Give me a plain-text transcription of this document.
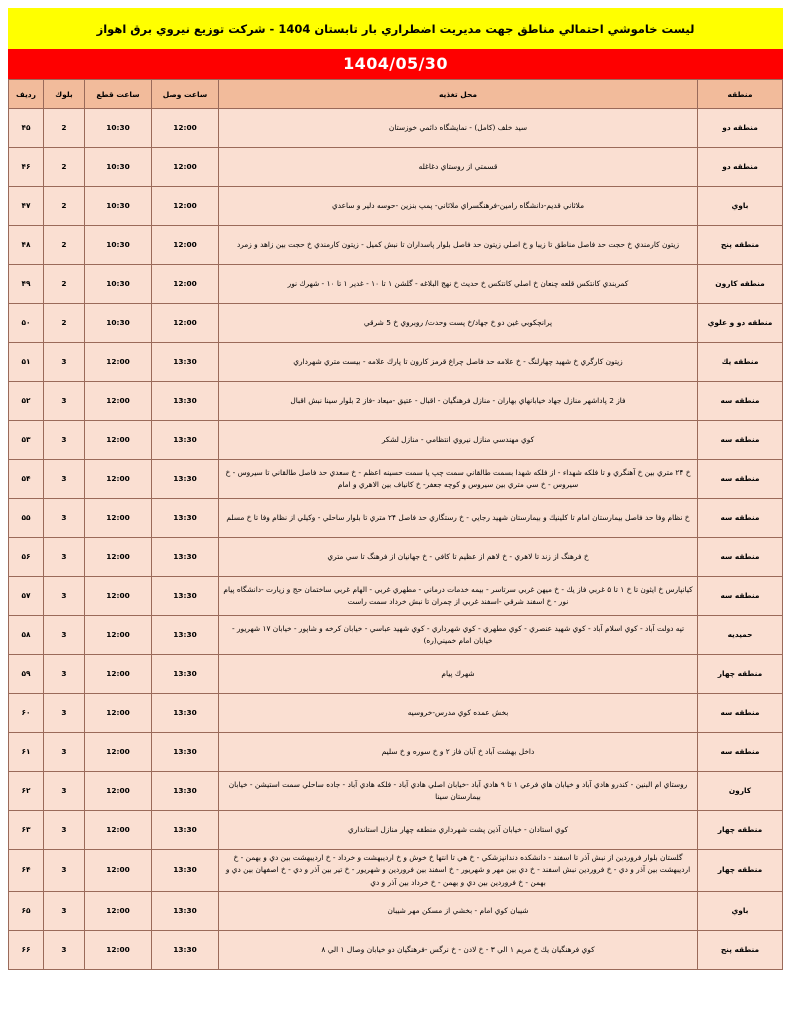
ليست خاموشي احتمالي مناطق جهت مديريت اضطراري بار تابستان 1404 - شركت توزيع نيروي برق اهواز
1404/05/30
منطقه	محل تغذيه	ساعت وصل	ساعت قطع	بلوك	رديف
منطقه دو	سيد خلف (كامل) - نمايشگاه دائمي خوزستان	12:00	10:30	2	۴۵
منطقه دو	قسمتي از روستاي دغاغله	12:00	10:30	2	۴۶
باوي	ملاثاني قديم-دانشگاه رامين-فرهنگسراي ملاثاني- پمپ بنزين -حوسه دلير و ساعدي	12:00	10:30	2	۴۷
منطقه پنج	زيتون كارمندي خ حجت حد فاصل مناطق تا زيبا و خ اصلي زيتون حد فاصل بلوار پاسداران تا نبش كميل - زيتون كارمندي خ حجت بين زاهد و زمرد	12:00	10:30	2	۴۸
منطقه كارون	كمربندي كانتكس قلعه چنعان خ اصلي كانتكس خ حديث خ نهج البلاغه - گلشن ۱ تا ۱۰ - غدير ۱ تا ۱۰ - شهرك نور	12:00	10:30	2	۴۹
منطقه دو و علوي	پرانچكوبي غين دو خ جهاد/خ پست وحدت/ روبروي خ 5 شرقي	12:00	10:30	2	۵۰
منطقه يك	زيتون كارگري خ شهيد چهارلنگ - خ علامه حد فاصل چراغ قرمز كارون تا پارك علامه - بيست متري شهرداري	13:30	12:00	3	۵۱
منطقه سه	فاز 2 پاداشهر منازل جهاد خيابانهاي بهاران - منازل فرهنگيان - اقبال - عتيق -ميعاد -فاز 2 بلوار سينا نبش اقبال	13:30	12:00	3	۵۲
منطقه سه	كوي مهندسي منازل نيروي انتظامي - منازل لشكر	13:30	12:00	3	۵۳
منطقه سه	خ ۲۴ متري بين خ آهنگري و تا فلكه شهداء - از فلكه شهدا بسمت طالقاني سمت چپ يا سمت حسينه اعظم - خ سعدي حد فاصل طالقاني تا سيروس - خ سيروس - خ سي متري بين سيروس و كوچه جعفر- خ كانياف بين الاهري و امام	13:30	12:00	3	۵۴
منطقه سه	خ نظام وفا حد فاصل بيمارستان امام تا كلينيك و بيمارستان شهيد رجايي - خ رستگاري حد فاصل ۲۴ متري تا بلوار ساحلي - وكيلي از نظام وفا تا خ مسلم	13:30	12:00	3	۵۵
منطقه سه	خ فرهنگ از زند تا لاهري - خ لاهم از عظيم تا كافي - خ جهانيان از فرهنگ تا سي متري	13:30	12:00	3	۵۶
منطقه سه	كيانپارس خ ايثون تا خ ۱ تا ۵ غربي فاز يك - خ ميهن غربي سرتاسر - بيمه خدمات درماني - مطهري غربي - الهام غربي ساختمان حج و زيارت -دانشگاه پيام نور - خ اسفند شرقي -اسفند غربي از چمران تا نبش خرداد سمت راست	13:30	12:00	3	۵۷
حميديه	تپه دولت آباد - كوي اسلام آباد - كوي شهيد عنصري - كوي مطهري - كوي شهرداري - كوي شهيد عباسي - خيابان كرخه و شاپور - خيابان ۱۷ شهريور - خيابان امام خميني(ره)	13:30	12:00	3	۵۸
منطقه چهار	شهرك پيام	13:30	12:00	3	۵۹
منطقه سه	بخش عمده كوي مدرس-خروسيه	13:30	12:00	3	۶۰
منطقه سه	داخل بهشت آباد خ آبان فاز ۲ و خ سوره و خ سليم	13:30	12:00	3	۶۱
كارون	روستاي ام البنين - كندرو هادي آباد و خيابان هاي فرعي ۱ تا ۹ هادي آباد -خيابان اصلي هادي آباد - فلكه هادي آباد - جاده ساحلي سمت استيشن - خيابان بيمارستان سينا	13:30	12:00	3	۶۲
منطقه چهار	كوي استادان - خيابان آذين پشت شهرداري منطقه چهار منازل استانداري	13:30	12:00	3	۶۳
منطقه چهار	گلستان بلوار فروردين از نبش آذر تا اسفند - دانشكده دندانپزشكي - خ هي تا انتها خ خوش و خ ارديبهشت و خرداد - خ ارديبهشت بين دي و بهمن - خ ارديبهشت بين آذر و دي - خ فروردين نبش اسفند - خ دي بين مهر و شهريور - خ اسفند بين فروردين و شهريور - خ تير بين آذر و دي - خ اصفهان بين دي و بهمن - خ فروردين بين دي و بهمن - خ خرداد بين آذر و دي	13:30	12:00	3	۶۴
باوي	شيبان كوي امام - بخشي از مسكن مهر شيبان	13:30	12:00	3	۶۵
منطقه پنج	كوي فرهنگيان يك خ مريم ۱ الي ۳ - خ لادن - خ نرگس -فرهنگيان دو خيابان وصال ۱ الي ۸	13:30	12:00	3	۶۶
